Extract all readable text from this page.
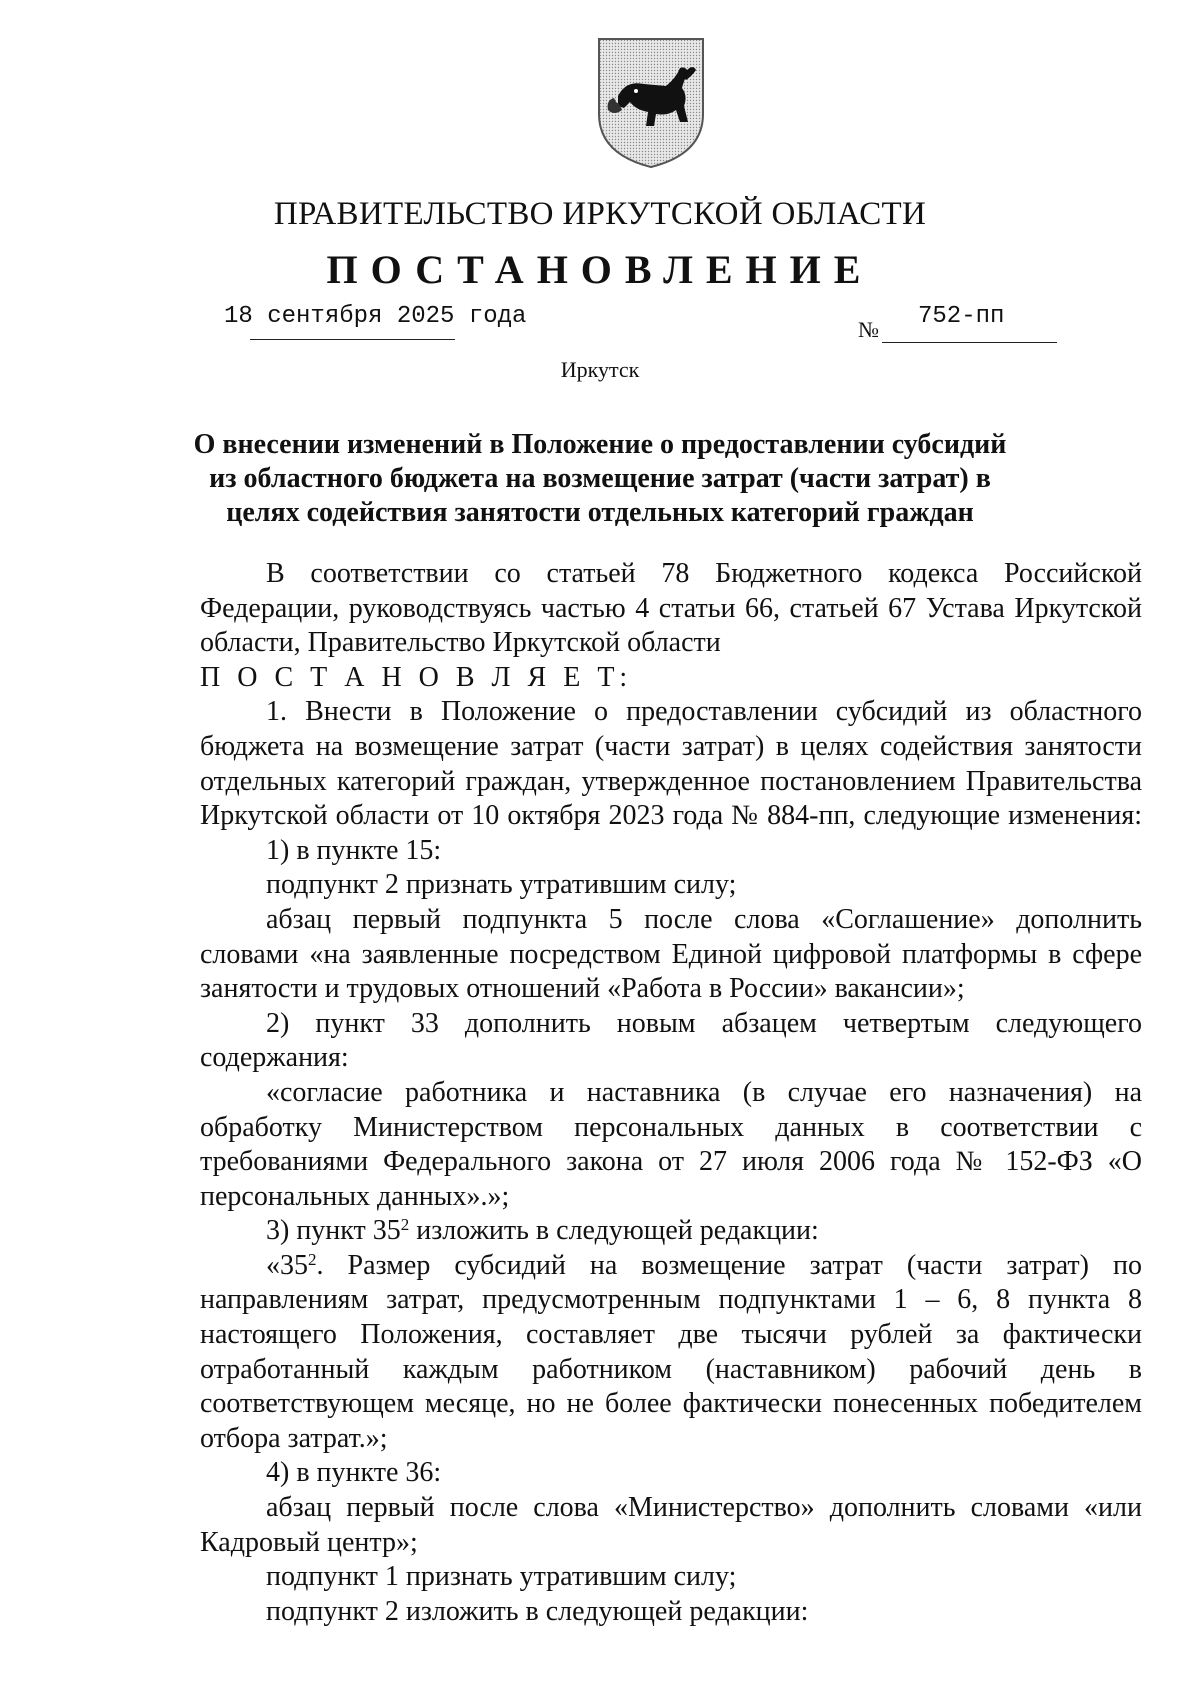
ПРАВИТЕЛЬСТВО ИРКУТСКОЙ ОБЛАСТИ
ПОСТАНОВЛЕНИЕ
18 сентября 2025 года	№ 752-пп
Иркутск
О внесении изменений в Положение о предоставлении субсидий из областного бюджета на возмещение затрат (части затрат) в целях содействия занятости отдельных категорий граждан
В соответствии со статьей 78 Бюджетного кодекса Российской
Федерации, руководствуясь частью 4 статьи 66, статьей 67 Устава Иркутской
области, Правительство Иркутской области
П О С Т А Н О В Л Я Е Т:
1. Внести в Положение о предоставлении субсидий из областного
бюджета на возмещение затрат (части затрат) в целях содействия занятости
отдельных категорий граждан, утвержденное постановлением Правительства
Иркутской области от 10 октября 2023 года № 884-пп, следующие изменения:
1) в пункте 15:
подпункт 2 признать утратившим силу;
абзац первый подпункта 5 после слова «Соглашение» дополнить
словами «на заявленные посредством Единой цифровой платформы в сфере
занятости и трудовых отношений «Работа в России» вакансии»;
2) пункт 33 дополнить новым абзацем четвертым следующего
содержания:
«согласие работника и наставника (в случае его назначения) на
обработку Министерством персональных данных в соответствии с
требованиями Федерального закона от 27 июля 2006 года № 152-ФЗ «О
персональных данных».»;
3) пункт $35^2$ изложить в следующей редакции:
«$35^2$. Размер субсидий на возмещение затрат (части затрат) по
направлениям затрат, предусмотренным подпунктами 1 – 6, 8 пункта 8
настоящего Положения, составляет две тысячи рублей за фактически
отработанный каждым работником (наставником) рабочий день в
соответствующем месяце, но не более фактически понесенных победителем
отбора затрат.»;
4) в пункте 36:
абзац первый после слова «Министерство» дополнить словами «или
Кадровый центр»;
подпункт 1 признать утратившим силу;
подпункт 2 изложить в следующей редакции:
